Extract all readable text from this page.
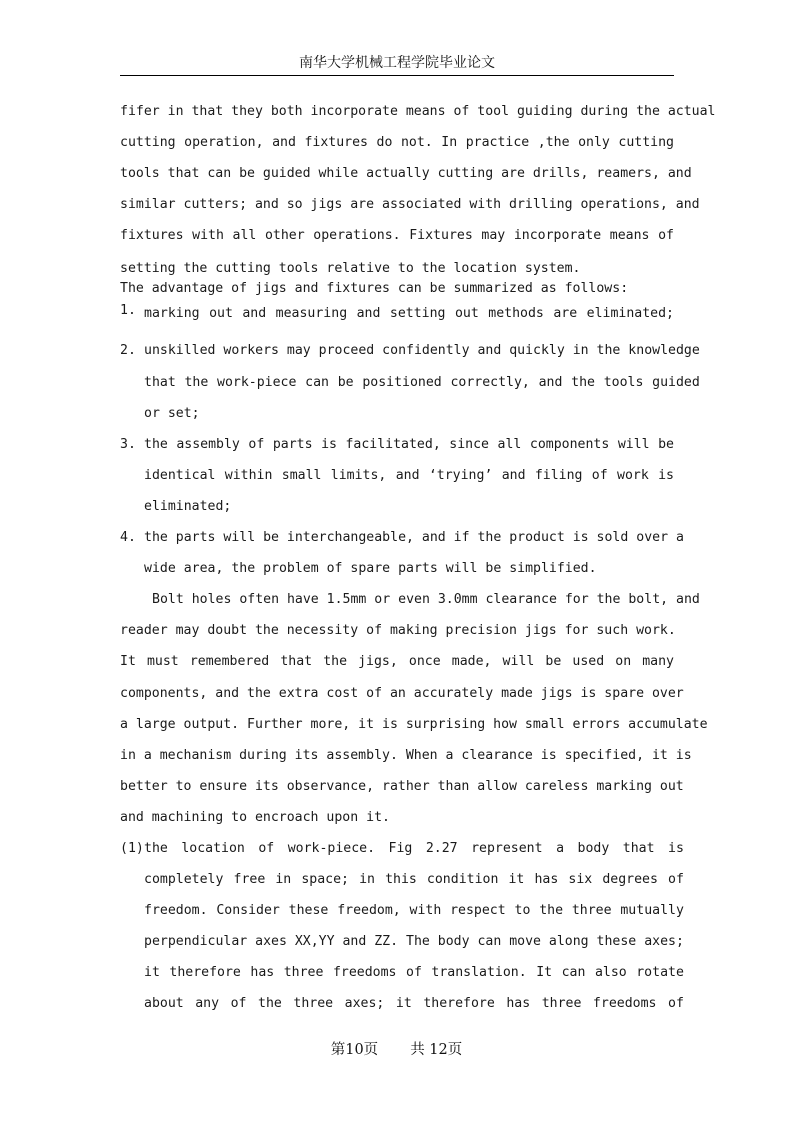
南华大学机械工程学院毕业论文
fifer in that they both incorporate means of tool guiding during the actual
cutting operation, and fixtures do not. In practice ,the only cutting
tools that can be guided while actually cutting are drills, reamers, and
similar cutters; and so jigs are associated with drilling operations, and
fixtures with all other operations. Fixtures may incorporate means of
setting the cutting tools relative to the location system.
The advantage of jigs and fixtures can be summarized as follows:
1. marking out and measuring and setting out methods are eliminated;
2. unskilled workers may proceed confidently and quickly in the knowledge
that the work-piece can be positioned correctly, and the tools guided
or set;
3. the assembly of parts is facilitated, since all components will be
identical within small limits, and ‘trying’ and filing of work is
eliminated;
4. the parts will be interchangeable, and if the product is sold over a
wide area, the problem of spare parts will be simplified.
Bolt holes often have 1.5mm or even 3.0mm clearance for the bolt, and
reader may doubt the necessity of making precision jigs for such work.
It must remembered that the jigs, once made, will be used on many
components, and the extra cost of an accurately made jigs is spare over
a large output. Further more, it is surprising how small errors accumulate
in a mechanism during its assembly. When a clearance is specified, it is
better to ensure its observance, rather than allow careless marking out
and machining to encroach upon it.
(1) the location of work-piece. Fig 2.27 represent a body that is
completely free in space; in this condition it has six degrees of
freedom. Consider these freedom, with respect to the three mutually
perpendicular axes XX,YY and ZZ. The body can move along these axes;
it therefore has three freedoms of translation. It can also rotate
about any of the three axes; it therefore has three freedoms of
第10页 共 12页
